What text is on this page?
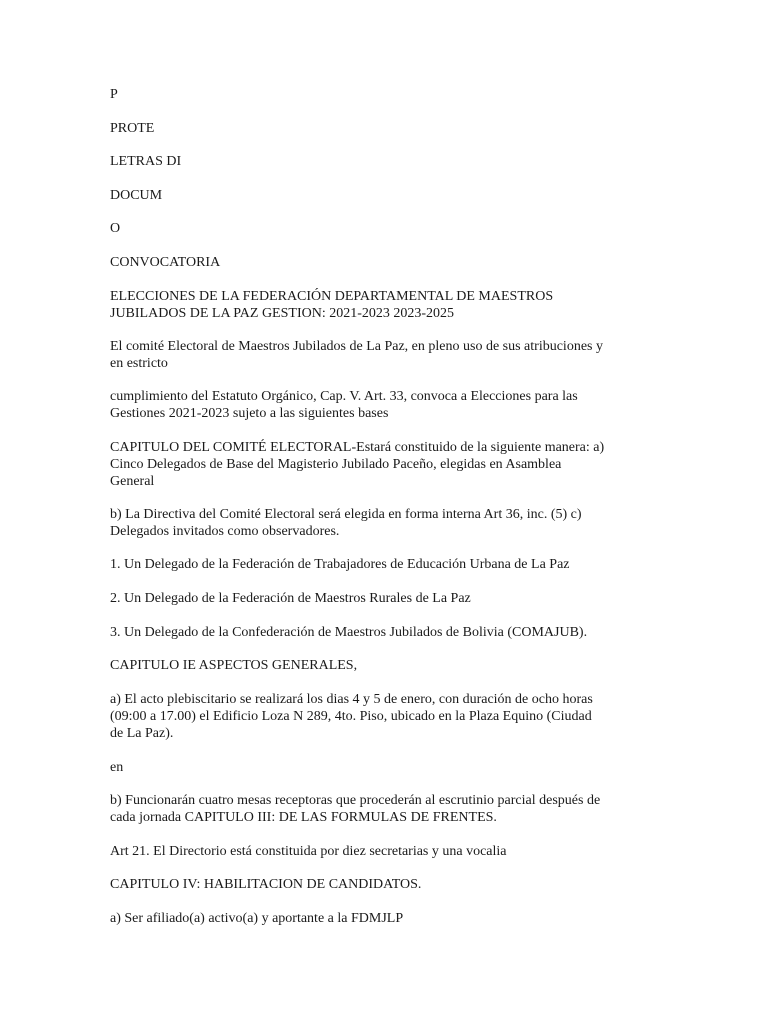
P

PROTE

LETRAS DI

DOCUM

O

CONVOCATORIA

ELECCIONES DE LA FEDERACIÓN DEPARTAMENTAL DE MAESTROS
JUBILADOS DE LA PAZ GESTION: 2021-2023 2023-2025

El comité Electoral de Maestros Jubilados de La Paz, en pleno uso de sus atribuciones y
en estricto

cumplimiento del Estatuto Orgánico, Cap. V. Art. 33, convoca a Elecciones para las
Gestiones 2021-2023 sujeto a las siguientes bases

CAPITULO DEL COMITÉ ELECTORAL-Estará constituido de la siguiente manera: a)
Cinco Delegados de Base del Magisterio Jubilado Paceño, elegidas en Asamblea
General

b) La Directiva del Comité Electoral será elegida en forma interna Art 36, inc. (5) c)
Delegados invitados como observadores.

1. Un Delegado de la Federación de Trabajadores de Educación Urbana de La Paz

2. Un Delegado de la Federación de Maestros Rurales de La Paz

3. Un Delegado de la Confederación de Maestros Jubilados de Bolivia (COMAJUB).

CAPITULO IE ASPECTOS GENERALES,

a) El acto plebiscitario se realizará los dias 4 y 5 de enero, con duración de ocho horas
(09:00 a 17.00) el Edificio Loza N 289, 4to. Piso, ubicado en la Plaza Equino (Ciudad
de La Paz).

en

b) Funcionarán cuatro mesas receptoras que procederán al escrutinio parcial después de
cada jornada CAPITULO III: DE LAS FORMULAS DE FRENTES.

Art 21. El Directorio está constituida por diez secretarias y una vocalia

CAPITULO IV: HABILITACION DE CANDIDATOS.

a) Ser afiliado(a) activo(a) y aportante a la FDMJLP
